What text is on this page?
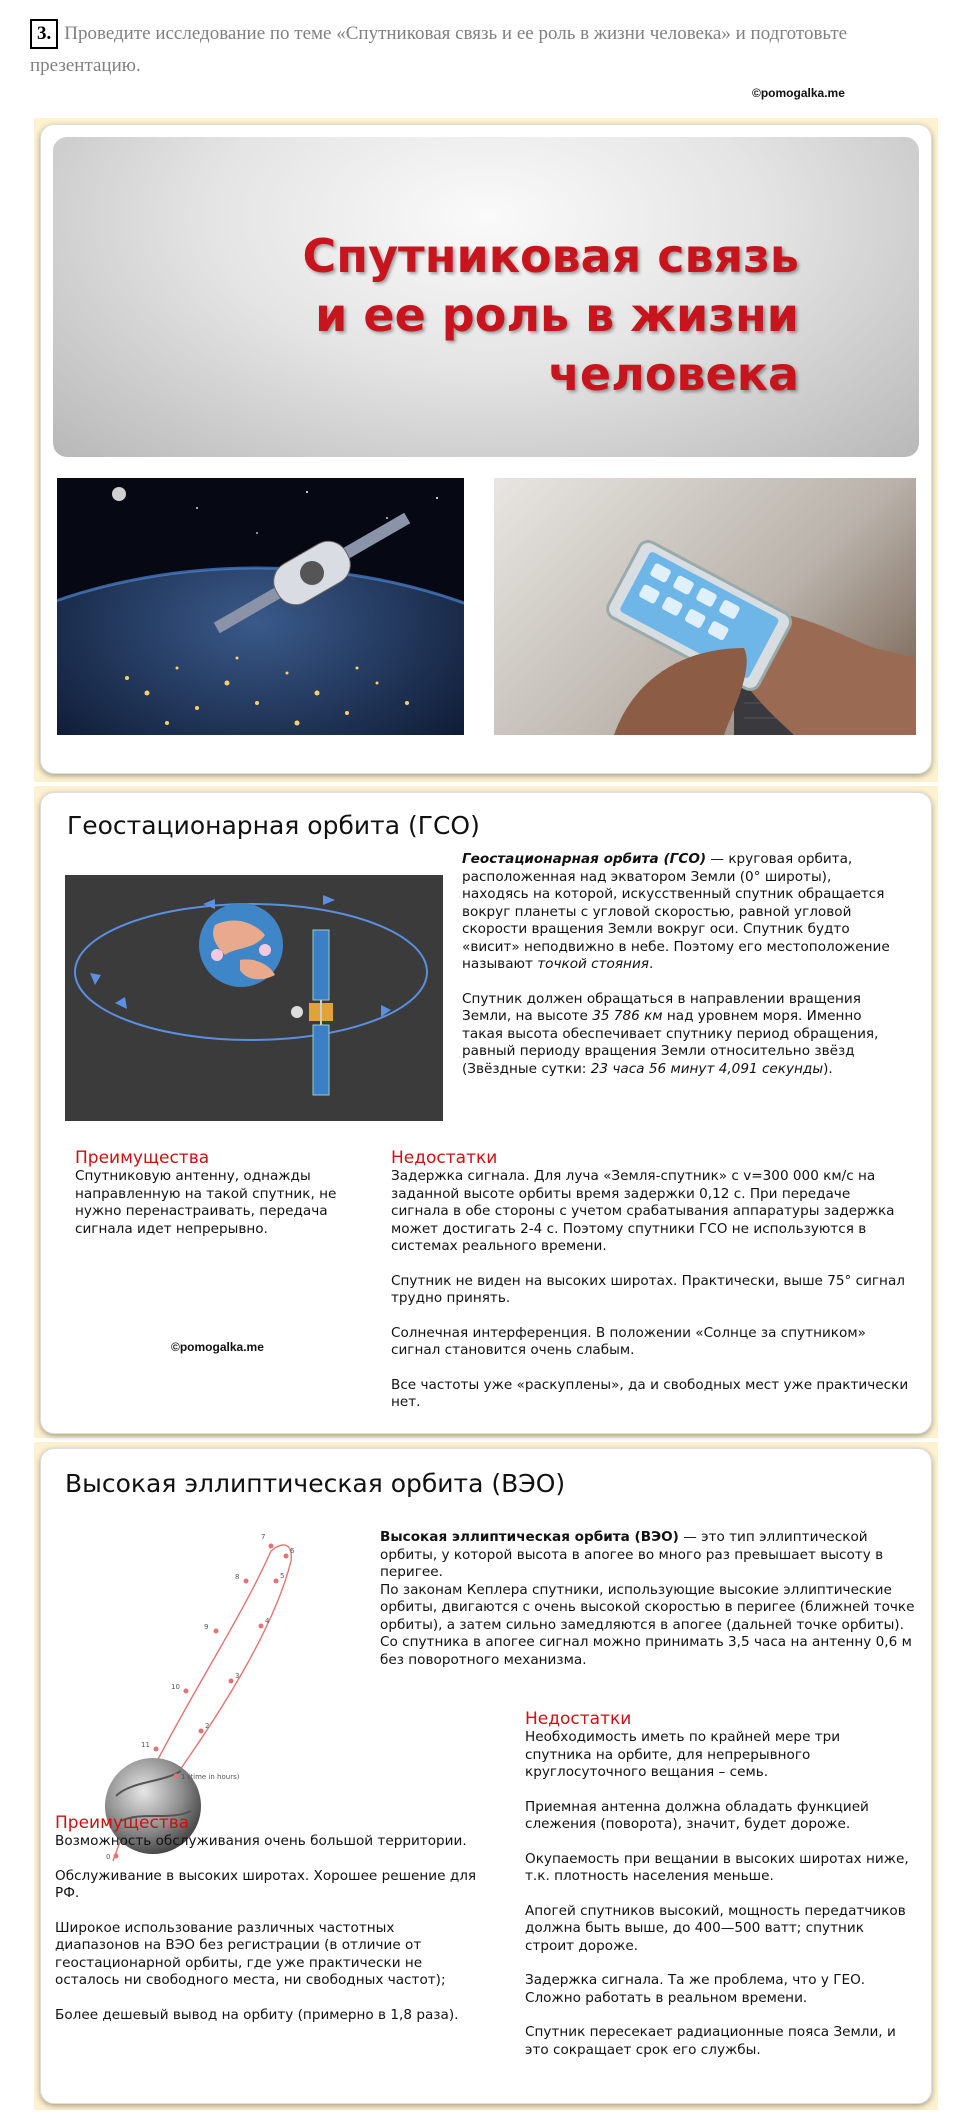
3. Проведите исследование по теме «Спутниковая связь и ее роль в жизни человека» и подготовьте презентацию.
©pomogalka.me
Спутниковая связь
и ее роль в жизни
человека
Геостационарная орбита (ГСО)

Геостационарная орбита (ГСО) — круговая орбита, расположенная над экватором Земли (0° широты), находясь на которой, искусственный спутник обращается вокруг планеты с угловой скоростью, равной угловой скорости вращения Земли вокруг оси. Спутник будто «висит» неподвижно в небе. Поэтому его местоположение называют точкой стояния.

Спутник должен обращаться в направлении вращения Земли, на высоте 35 786 км над уровнем моря. Именно такая высота обеспечивает спутнику период обращения, равный периоду вращения Земли относительно звёзд (Звёздные сутки: 23 часа 56 минут 4,091 секунды).

Преимущества
Спутниковую антенну, однажды направленную на такой спутник, не нужно перенастраивать, передача сигнала идет непрерывно.
©pomogalka.me
Недостатки

Задержка сигнала. Для луча «Земля-спутник» с v=300 000 км/с на заданной высоте орбиты время задержки 0,12 с. При передаче сигнала в обе стороны с учетом срабатывания аппаратуры задержка может достигать 2-4 с. Поэтому спутники ГСО не используются в системах реального времени.

Спутник не виден на высоких широтах. Практически, выше 75° сигнал трудно принять.

Солнечная интерференция. В положении «Солнце за спутником» сигнал становится очень слабым.

Все частоты уже «раскуплены», да и свободных мест уже практически нет.

Высокая эллиптическая орбита (ВЭО)
Высокая эллиптическая орбита (ВЭО) — это тип эллиптической орбиты, у которой высота в апогее во много раз превышает высоту в перигее.
По законам Кеплера спутники, использующие высокие эллиптические орбиты, двигаются с очень высокой скоростью в перигее (ближней точке орбиты), а затем сильно замедляются в апогее (дальней точке орбиты).
Со спутника в апогее сигнал можно принимать 3,5 часа на антенну 0,6 м без поворотного механизма.
1 (time in hours)
2
3
4
5
6
7
8
9
10
11
0
Преимущества

Возможность обслуживания очень большой территории.

Обслуживание в высоких широтах. Хорошее решение для РФ.

Широкое использование различных частотных диапазонов на ВЭО без регистрации (в отличие от геостационарной орбиты, где уже практически не осталось ни свободного места, ни свободных частот);

Более дешевый вывод на орбиту (примерно в 1,8 раза).

Недостатки

Необходимость иметь по крайней мере три спутника на орбите, для непрерывного круглосуточного вещания – семь.

Приемная антенна должна обладать функцией слежения (поворота), значит, будет дороже.

Окупаемость при вещании в высоких широтах ниже, т.к. плотность населения меньше.

Апогей спутников высокий, мощность передатчиков должна быть выше, до 400—500 ватт; спутник строит дороже.

Задержка сигнала. Та же проблема, что у ГЕО. Сложно работать в реальном времени.

Спутник пересекает радиационные пояса Земли, и это сокращает срок его службы.
